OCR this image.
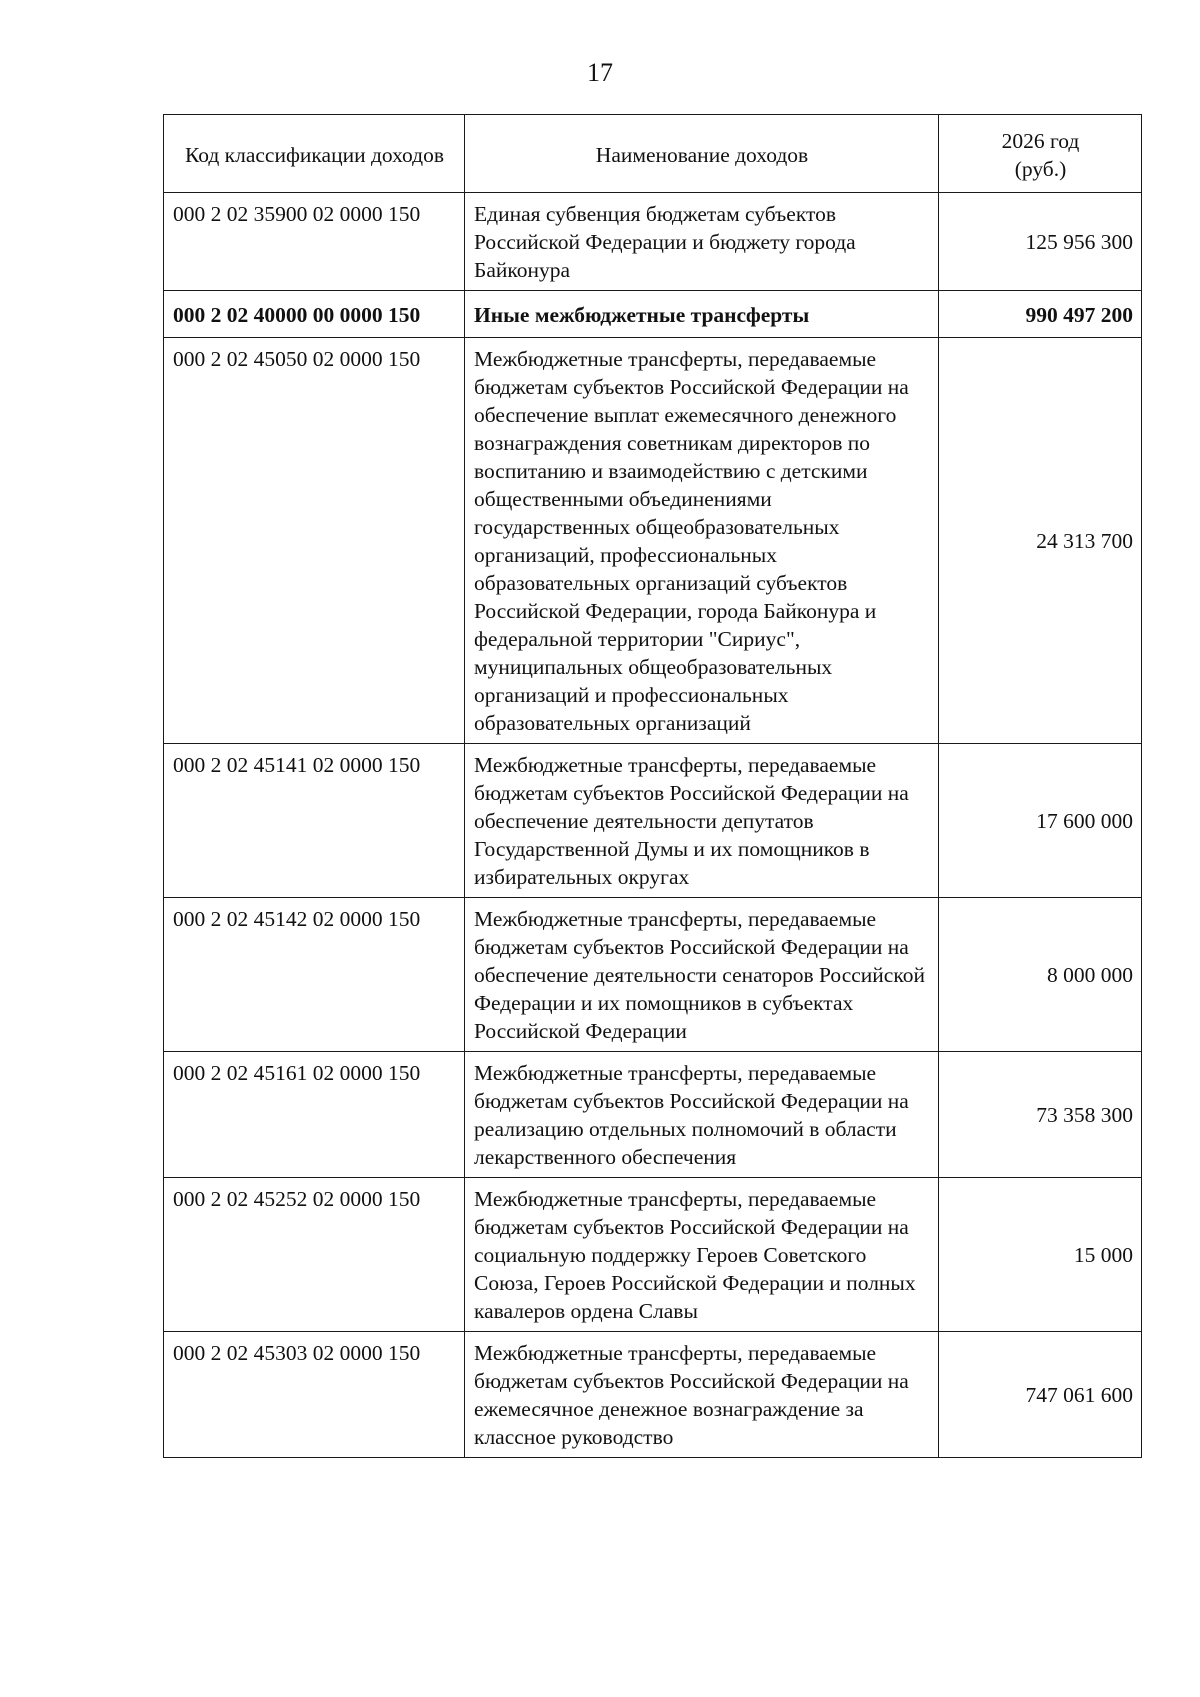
17
Код классификации доходов	Наименование доходов	2026 год
(руб.)

000 2 02 35900 02 0000 150	Единая субвенция бюджетам субъектов Российской Федерации и бюджету города Байконура	125 956 300
000 2 02 40000 00 0000 150	Иные межбюджетные трансферты	990 497 200
000 2 02 45050 02 0000 150	Межбюджетные трансферты, передаваемые бюджетам субъектов Российской Федерации на обеспечение выплат ежемесячного денежного вознаграждения советникам директоров по воспитанию и взаимодействию с детскими общественными объединениями государственных общеобразовательных организаций, профессиональных образовательных организаций субъектов Российской Федерации, города Байконура и федеральной территории "Сириус", муниципальных общеобразовательных организаций и профессиональных образовательных организаций	24 313 700
000 2 02 45141 02 0000 150	Межбюджетные трансферты, передаваемые бюджетам субъектов Российской Федерации на обеспечение деятельности депутатов Государственной Думы и их помощников в избирательных округах	17 600 000
000 2 02 45142 02 0000 150	Межбюджетные трансферты, передаваемые бюджетам субъектов Российской Федерации на обеспечение деятельности сенаторов Российской Федерации и их помощников в субъектах Российской Федерации	8 000 000
000 2 02 45161 02 0000 150	Межбюджетные трансферты, передаваемые бюджетам субъектов Российской Федерации на реализацию отдельных полномочий в области лекарственного обеспечения	73 358 300
000 2 02 45252 02 0000 150	Межбюджетные трансферты, передаваемые бюджетам субъектов Российской Федерации на социальную поддержку Героев Советского Союза, Героев Российской Федерации и полных кавалеров ордена Славы	15 000
000 2 02 45303 02 0000 150	Межбюджетные трансферты, передаваемые бюджетам субъектов Российской Федерации на ежемесячное денежное вознаграждение за классное руководство	747 061 600
